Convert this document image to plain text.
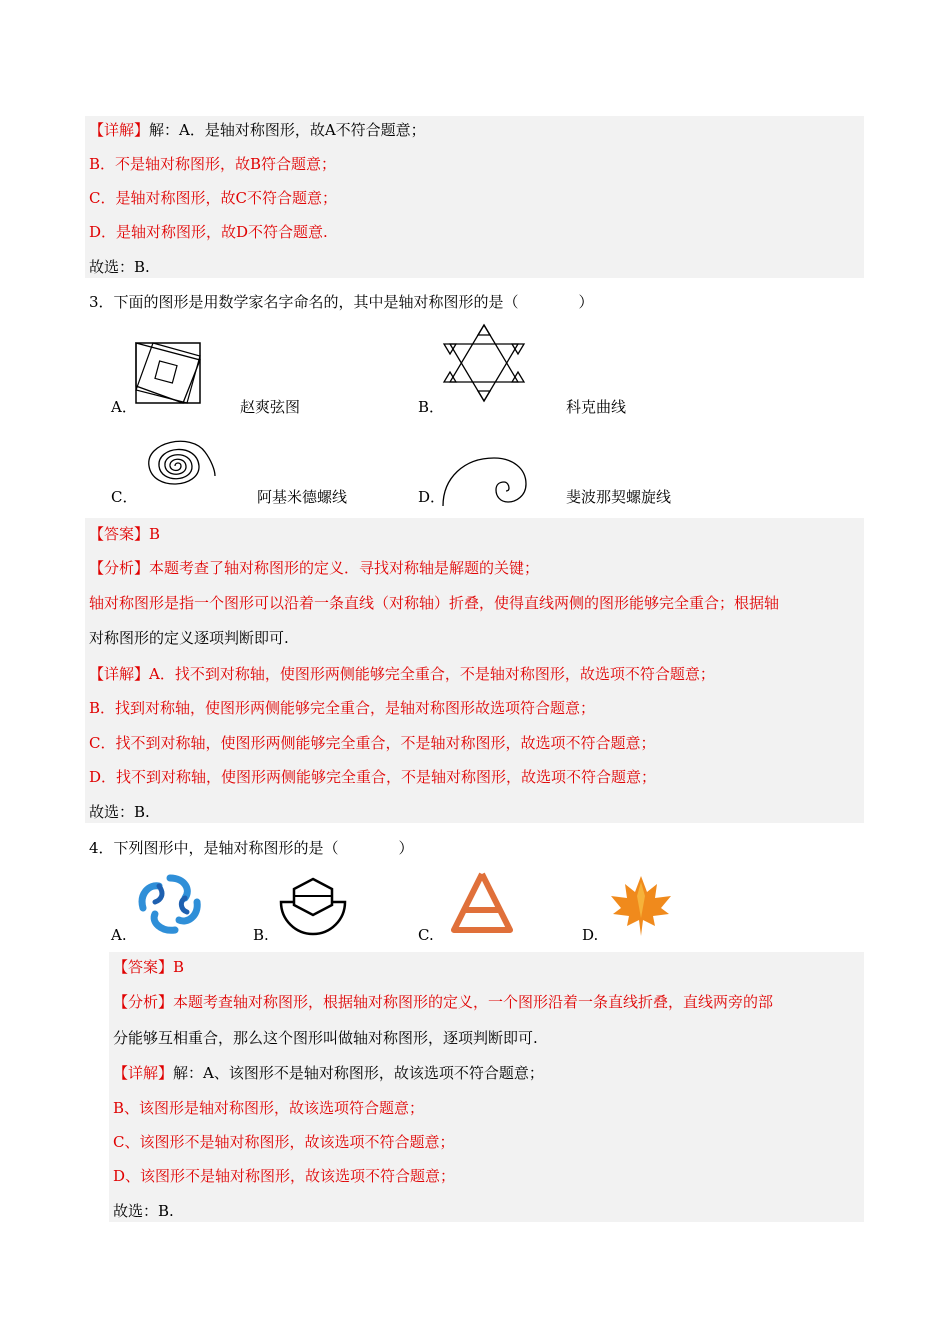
【详解】解：A．是轴对称图形，故A不符合题意；
B．不是轴对称图形，故B符合题意；
C．是轴对称图形，故C不符合题意；
D．是轴对称图形，故D不符合题意.
故选：B.
3．下面的图形是用数学家名字命名的，其中是轴对称图形的是（　　　　）
A．	赵爽弦图	B．	科克曲线
C．	阿基米德螺线	D．	斐波那契螺旋线
【答案】B
【分析】本题考查了轴对称图形的定义．寻找对称轴是解题的关键；
轴对称图形是指一个图形可以沿着一条直线（对称轴）折叠，使得直线两侧的图形能够完全重合；根据轴
对称图形的定义逐项判断即可.
【详解】A．找不到对称轴，使图形两侧能够完全重合，不是轴对称图形，故选项不符合题意；
B．找到对称轴，使图形两侧能够完全重合，是轴对称图形故选项符合题意；
C．找不到对称轴，使图形两侧能够完全重合，不是轴对称图形，故选项不符合题意；
D．找不到对称轴，使图形两侧能够完全重合，不是轴对称图形，故选项不符合题意；
故选：B.
4．下列图形中，是轴对称图形的是（　　　　）
A.	B.	C.	D.
【答案】B
【分析】本题考查轴对称图形，根据轴对称图形的定义，一个图形沿着一条直线折叠，直线两旁的部
分能够互相重合，那么这个图形叫做轴对称图形，逐项判断即可.
【详解】解：A、该图形不是轴对称图形，故该选项不符合题意；
B、该图形是轴对称图形，故该选项符合题意；
C、该图形不是轴对称图形，故该选项不符合题意；
D、该图形不是轴对称图形，故该选项不符合题意；
故选：B.
